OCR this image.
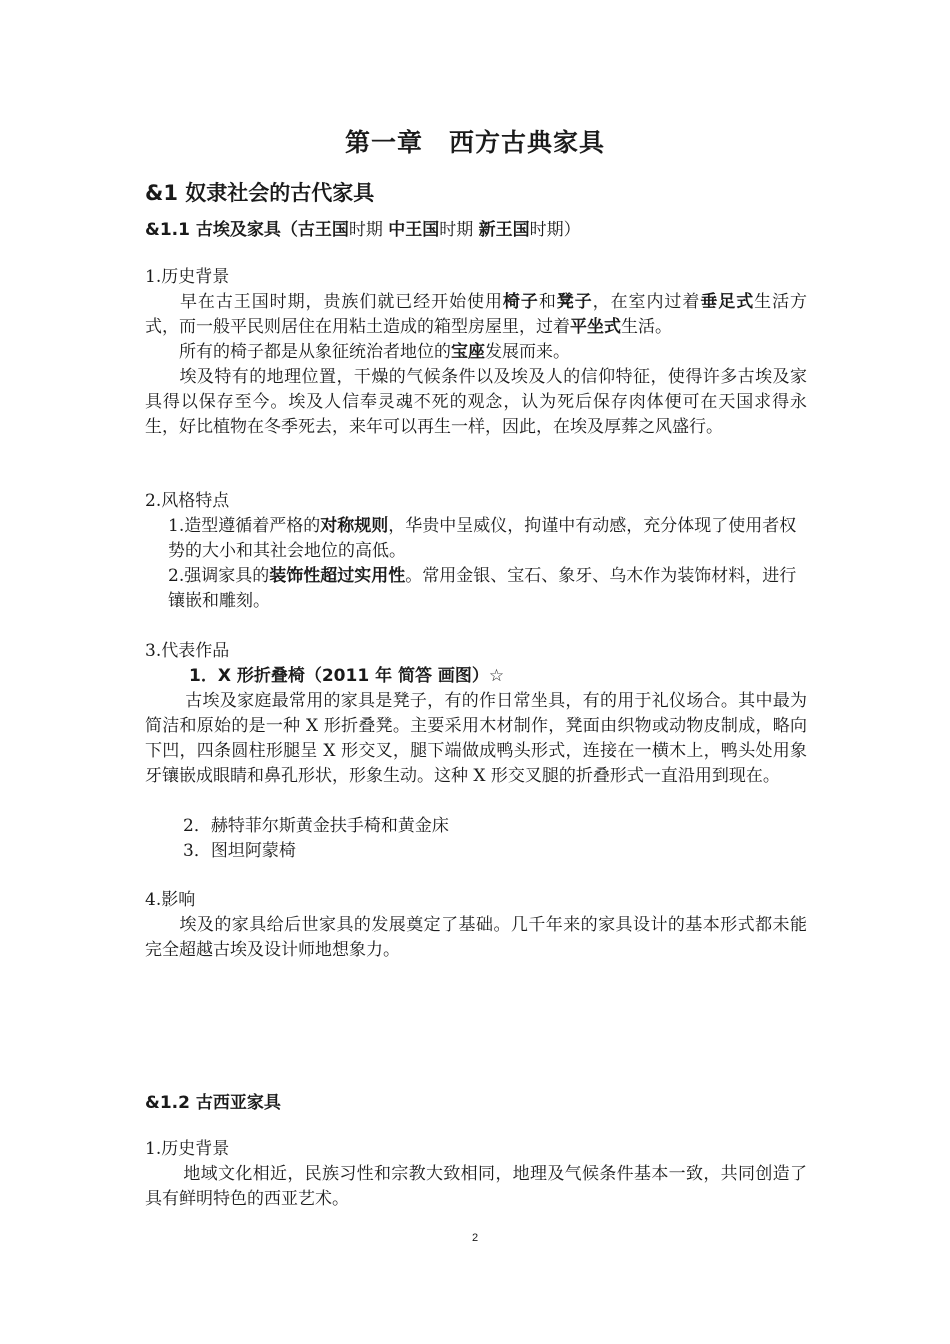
第一章　西方古典家具
&1 奴隶社会的古代家具
&1.1 古埃及家具（古王国时期 中王国时期 新王国时期）
1.历史背景
早在古王国时期，贵族们就已经开始使用椅子和凳子，在室内过着垂足式生活方式，而一般平民则居住在用粘土造成的箱型房屋里，过着平坐式生活。
所有的椅子都是从象征统治者地位的宝座发展而来。
埃及特有的地理位置，干燥的气候条件以及埃及人的信仰特征，使得许多古埃及家具得以保存至今。埃及人信奉灵魂不死的观念，认为死后保存肉体便可在天国求得永生，好比植物在冬季死去，来年可以再生一样，因此，在埃及厚葬之风盛行。
2.风格特点
1.造型遵循着严格的对称规则，华贵中呈威仪，拘谨中有动感，充分体现了使用者权势的大小和其社会地位的高低。
2.强调家具的装饰性超过实用性。常用金银、宝石、象牙、乌木作为装饰材料，进行镶嵌和雕刻。
3.代表作品
1．X 形折叠椅（2011 年 简答 画图）☆
古埃及家庭最常用的家具是凳子，有的作日常坐具，有的用于礼仪场合。其中最为简洁和原始的是一种 X 形折叠凳。主要采用木材制作，凳面由织物或动物皮制成，略向下凹，四条圆柱形腿呈 X 形交叉，腿下端做成鸭头形式，连接在一横木上，鸭头处用象牙镶嵌成眼睛和鼻孔形状，形象生动。这种 X 形交叉腿的折叠形式一直沿用到现在。
2．赫特菲尔斯黄金扶手椅和黄金床
3．图坦阿蒙椅
4.影响
埃及的家具给后世家具的发展奠定了基础。几千年来的家具设计的基本形式都未能完全超越古埃及设计师地想象力。
&1.2 古西亚家具
1.历史背景
地域文化相近，民族习性和宗教大致相同，地理及气候条件基本一致，共同创造了具有鲜明特色的西亚艺术。
2
